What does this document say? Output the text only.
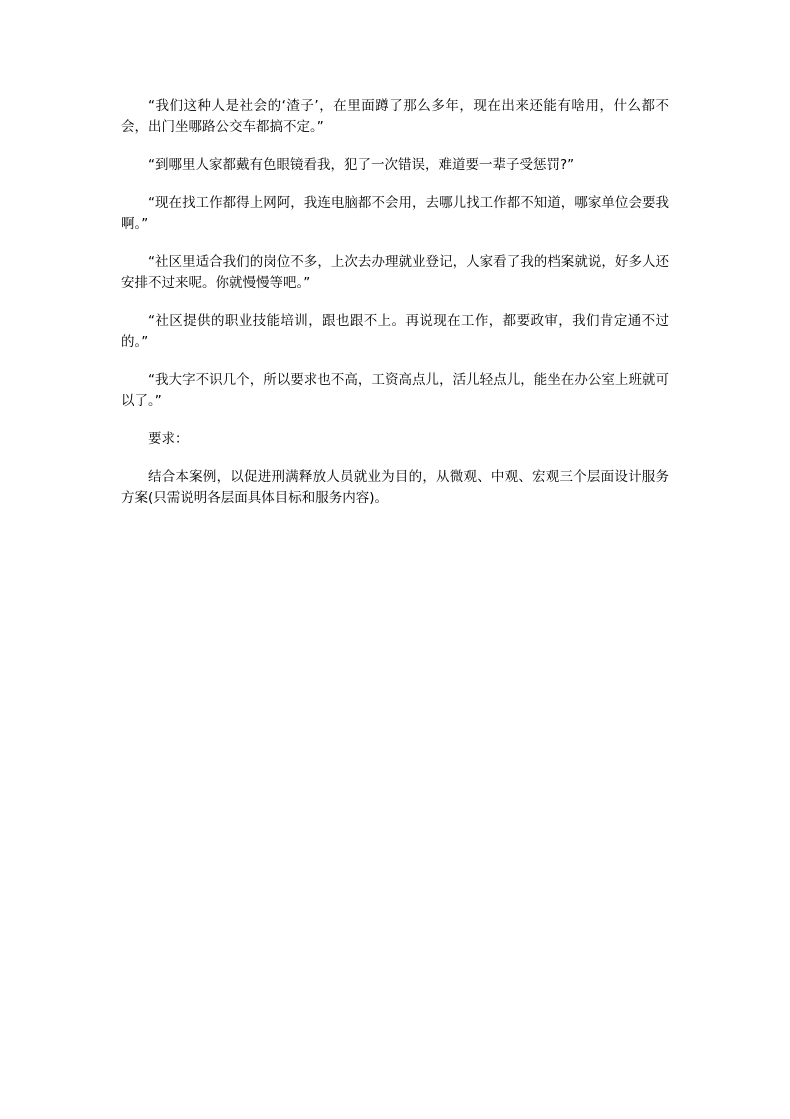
“我们这种人是社会的‘渣子’，在里面蹲了那么多年，现在出来还能有啥用，什么都不会，出门坐哪路公交车都搞不定。”

“到哪里人家都戴有色眼镜看我，犯了一次错误，难道要一辈子受惩罚?”

“现在找工作都得上网阿，我连电脑都不会用，去哪儿找工作都不知道，哪家单位会要我啊。”

“社区里适合我们的岗位不多，上次去办理就业登记，人家看了我的档案就说，好多人还安排不过来呢。你就慢慢等吧。”

“社区提供的职业技能培训，跟也跟不上。再说现在工作，都要政审，我们肯定通不过的。”

“我大字不识几个，所以要求也不高，工资高点儿，活儿轻点儿，能坐在办公室上班就可以了。”

要求：

结合本案例，以促进刑满释放人员就业为目的，从微观、中观、宏观三个层面设计服务方案(只需说明各层面具体目标和服务内容)。
